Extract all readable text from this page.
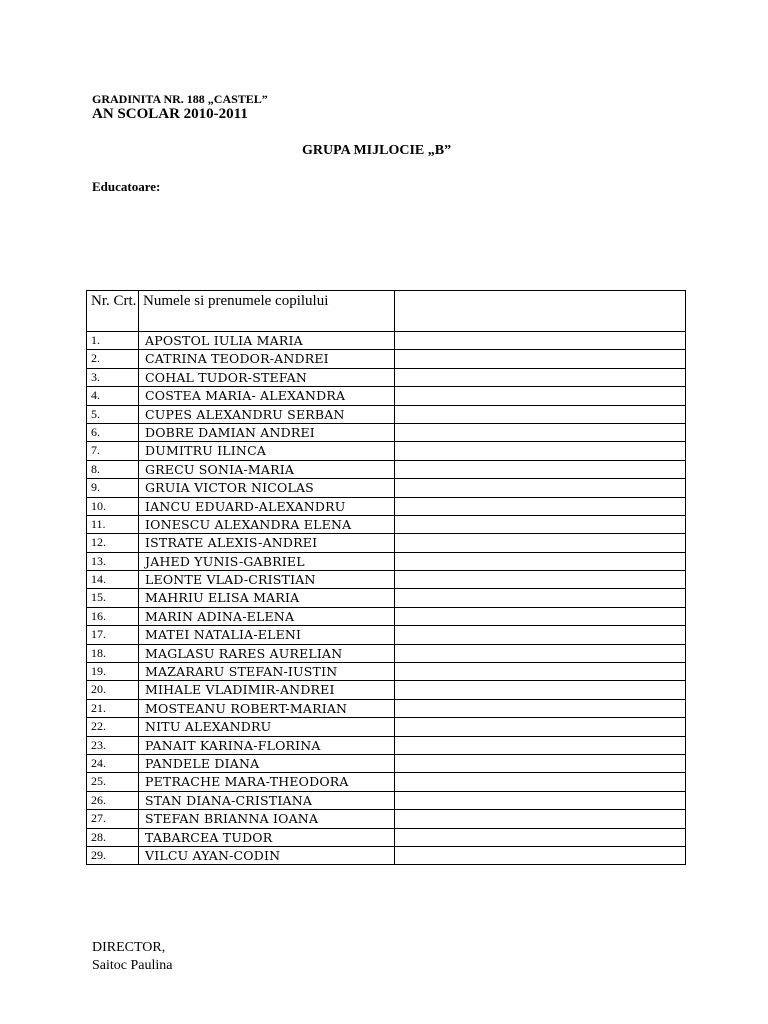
GRADINITA NR. 188 „CASTEL”
AN SCOLAR 2010-2011
GRUPA MIJLOCIE „B”
Educatoare:
Nr. Crt.	Numele si prenumele copilului	
1.	APOSTOL IULIA MARIA	
2.	CATRINA TEODOR-ANDREI	
3.	COHAL TUDOR-STEFAN	
4.	COSTEA MARIA- ALEXANDRA	
5.	CUPES ALEXANDRU SERBAN	
6.	DOBRE DAMIAN ANDREI	
7.	DUMITRU ILINCA	
8.	GRECU SONIA-MARIA	
9.	GRUIA VICTOR NICOLAS	
10.	IANCU EDUARD-ALEXANDRU	
11.	IONESCU ALEXANDRA ELENA	
12.	ISTRATE ALEXIS-ANDREI	
13.	JAHED YUNIS-GABRIEL	
14.	LEONTE VLAD-CRISTIAN	
15.	MAHRIU ELISA MARIA	
16.	MARIN ADINA-ELENA	
17.	MATEI NATALIA-ELENI	
18.	MAGLASU RARES AURELIAN	
19.	MAZARARU STEFAN-IUSTIN	
20.	MIHALE VLADIMIR-ANDREI	
21.	MOSTEANU ROBERT-MARIAN	
22.	NITU ALEXANDRU	
23.	PANAIT KARINA-FLORINA	
24.	PANDELE DIANA	
25.	PETRACHE MARA-THEODORA	
26.	STAN DIANA-CRISTIANA	
27.	STEFAN BRIANNA IOANA	
28.	TABARCEA TUDOR	
29.	VILCU AYAN-CODIN	
DIRECTOR,
Saitoc Paulina
